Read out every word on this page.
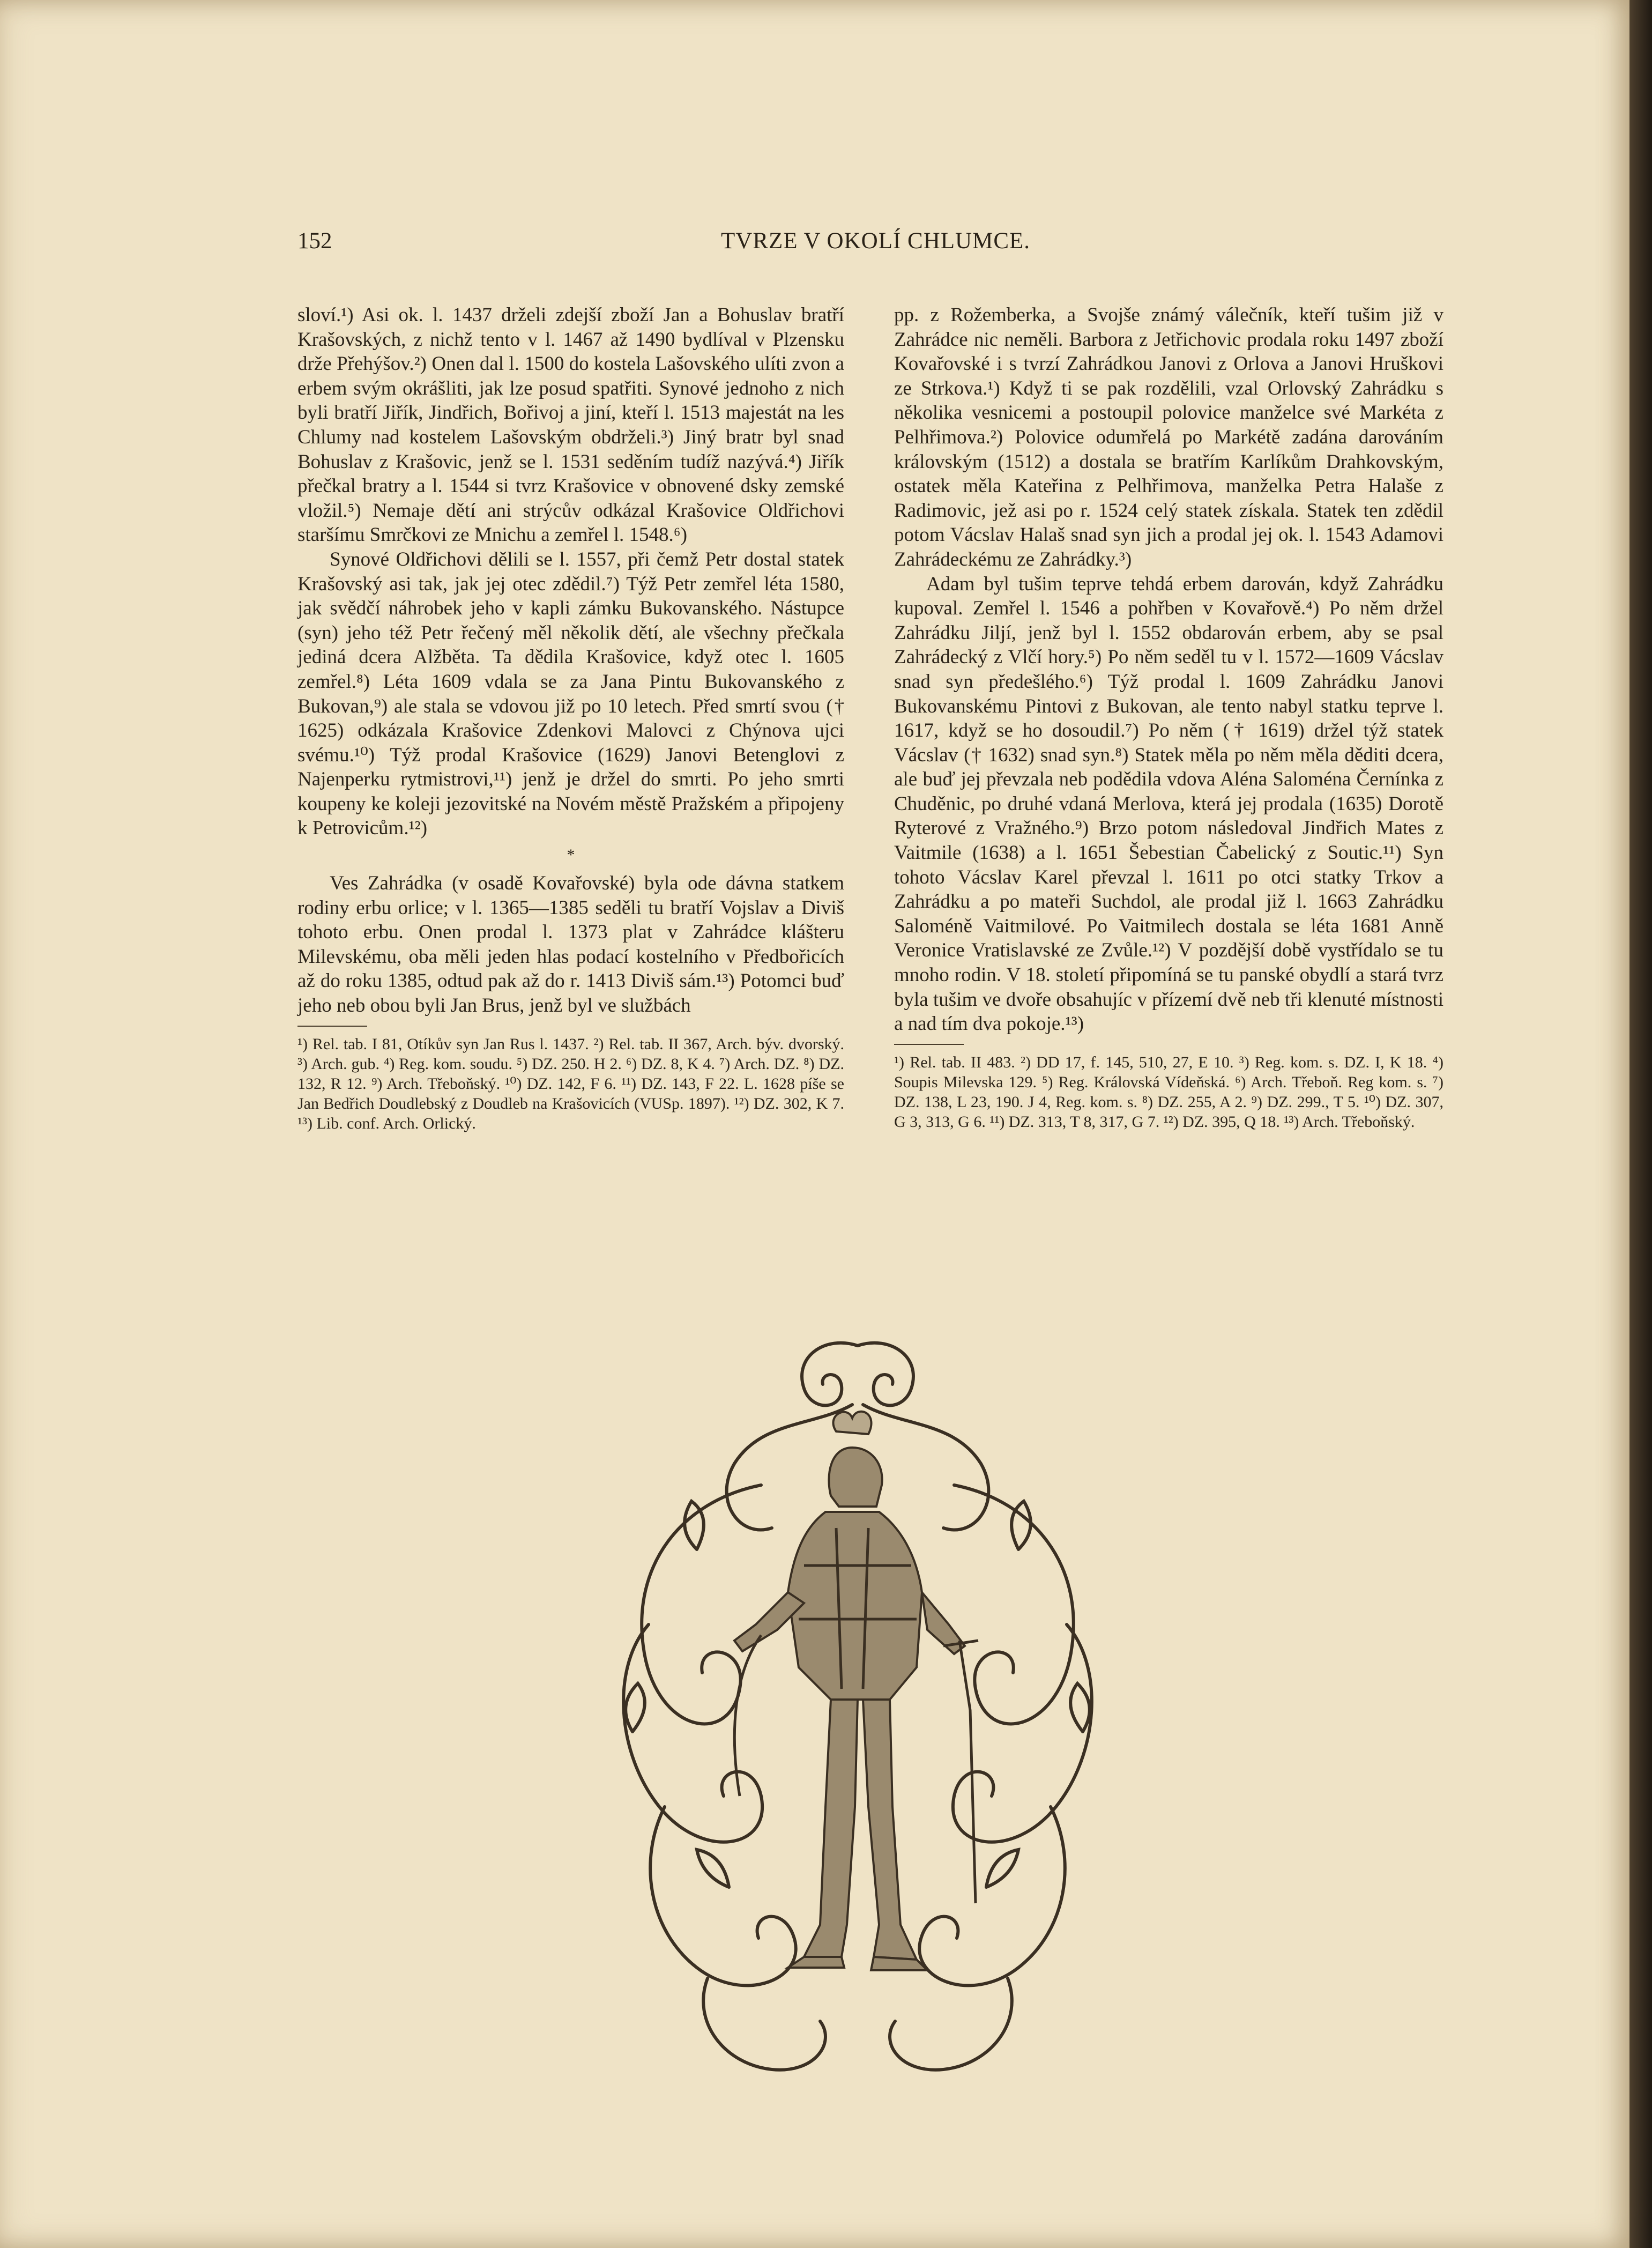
152	TVRZE V OKOLÍ CHLUMCE.

sloví.¹) Asi ok. l. 1437 drželi zdejší zboží Jan a Bohuslav bratří Krašovských, z nichž tento v l. 1467 až 1490 bydlíval v Plzensku drže Přehýšov.²) Onen dal l. 1500 do kostela Lašovského ulíti zvon a erbem svým okrášliti, jak lze posud spatřiti. Synové jednoho z nich byli bratří Jiřík, Jindřich, Bořivoj a jiní, kteří l. 1513 majestát na les Chlumy nad kostelem Lašovským obdrželi.³) Jiný bratr byl snad Bohuslav z Krašovic, jenž se l. 1531 seděním tudíž nazývá.⁴) Jiřík přečkal bratry a l. 1544 si tvrz Krašovice v obnovené dsky zemské vložil.⁵) Nemaje dětí ani strýcův odkázal Krašovice Oldřichovi staršímu Smrčkovi ze Mnichu a zemřel l. 1548.⁶)

Synové Oldřichovi dělili se l. 1557, při čemž Petr dostal statek Krašovský asi tak, jak jej otec zdědil.⁷) Týž Petr zemřel léta 1580, jak svědčí náhrobek jeho v kapli zámku Bukovanského. Nástupce (syn) jeho též Petr řečený měl několik dětí, ale všechny přečkala jediná dcera Alžběta. Ta dědila Krašovice, když otec l. 1605 zemřel.⁸) Léta 1609 vdala se za Jana Pintu Bukovanského z Bukovan,⁹) ale stala se vdovou již po 10 letech. Před smrtí svou († 1625) odkázala Krašovice Zdenkovi Malovci z Chýnova ujci svému.¹⁰) Týž prodal Krašovice (1629) Janovi Betenglovi z Najenperku rytmistrovi,¹¹) jenž je držel do smrti. Po jeho smrti koupeny ke koleji jezovitské na Novém městě Pražském a připojeny k Petrovicům.¹²)

*

Ves Zahrádka (v osadě Kovařovské) byla ode dávna statkem rodiny erbu orlice; v l. 1365—1385 seděli tu bratří Vojslav a Diviš tohoto erbu. Onen prodal l. 1373 plat v Zahrádce klášteru Milevskému, oba měli jeden hlas podací kostelního v Předbořicích až do roku 1385, odtud pak až do r. 1413 Diviš sám.¹³) Potomci buď jeho neb obou byli Jan Brus, jenž byl ve službách

¹) Rel. tab. I 81, Otíkův syn Jan Rus l. 1437. ²) Rel. tab. II 367, Arch. býv. dvorský. ³) Arch. gub. ⁴) Reg. kom. soudu. ⁵) DZ. 250. H 2. ⁶) DZ. 8, K 4. ⁷) Arch. DZ. ⁸) DZ. 132, R 12. ⁹) Arch. Třeboňský. ¹⁰) DZ. 142, F 6. ¹¹) DZ. 143, F 22. L. 1628 píše se Jan Bedřich Doudlebský z Doudleb na Krašovicích (VUSp. 1897). ¹²) DZ. 302, K 7. ¹³) Lib. conf. Arch. Orlický.

pp. z Rožemberka, a Svojše známý válečník, kteří tušim již v Zahrádce nic neměli. Barbora z Jetřichovic prodala roku 1497 zboží Kovařovské i s tvrzí Zahrádkou Janovi z Orlova a Janovi Hruškovi ze Strkova.¹) Když ti se pak rozdělili, vzal Orlovský Zahrádku s několika vesnicemi a postoupil polovice manželce své Markéta z Pelhřimova.²) Polovice odumřelá po Markétě zadána darováním královským (1512) a dostala se bratřím Karlíkům Drahkovským, ostatek měla Kateřina z Pelhřimova, manželka Petra Halaše z Radimovic, jež asi po r. 1524 celý statek získala. Statek ten zdědil potom Vácslav Halaš snad syn jich a prodal jej ok. l. 1543 Adamovi Zahrádeckému ze Zahrádky.³)

Adam byl tušim teprve tehdá erbem darován, když Zahrádku kupoval. Zemřel l. 1546 a pohřben v Kovařově.⁴) Po něm držel Zahrádku Jiljí, jenž byl l. 1552 obdarován erbem, aby se psal Zahrádecký z Vlčí hory.⁵) Po něm seděl tu v l. 1572—1609 Vácslav snad syn předešlého.⁶) Týž prodal l. 1609 Zahrádku Janovi Bukovanskému Pintovi z Bukovan, ale tento nabyl statku teprve l. 1617, když se ho dosoudil.⁷) Po něm († 1619) držel týž statek Vácslav († 1632) snad syn.⁸) Statek měla po něm měla děditi dcera, ale buď jej převzala neb podědila vdova Aléna Saloména Černínka z Chuděnic, po druhé vdaná Merlova, která jej prodala (1635) Dorotě Ryterové z Vražného.⁹) Brzo potom následoval Jindřich Mates z Vaitmile (1638) a l. 1651 Šebestian Čabelický z Soutic.¹¹) Syn tohoto Vácslav Karel převzal l. 1611 po otci statky Trkov a Zahrádku a po mateři Suchdol, ale prodal již l. 1663 Zahrádku Saloméně Vaitmilové. Po Vaitmilech dostala se léta 1681 Anně Veronice Vratislavské ze Zvůle.¹²) V pozdější době vystřídalo se tu mnoho rodin. V 18. století připomíná se tu panské obydlí a stará tvrz byla tušim ve dvoře obsahujíc v přízemí dvě neb tři klenuté místnosti a nad tím dva pokoje.¹³)

¹) Rel. tab. II 483. ²) DD 17, f. 145, 510, 27, E 10. ³) Reg. kom. s. DZ. I, K 18. ⁴) Soupis Milevska 129. ⁵) Reg. Královská Vídeňská. ⁶) Arch. Třeboň. Reg kom. s. ⁷) DZ. 138, L 23, 190. J 4, Reg. kom. s. ⁸) DZ. 255, A 2. ⁹) DZ. 299., T 5. ¹⁰) DZ. 307, G 3, 313, G 6. ¹¹) DZ. 313, T 8, 317, G 7. ¹²) DZ. 395, Q 18. ¹³) Arch. Třeboňský.
